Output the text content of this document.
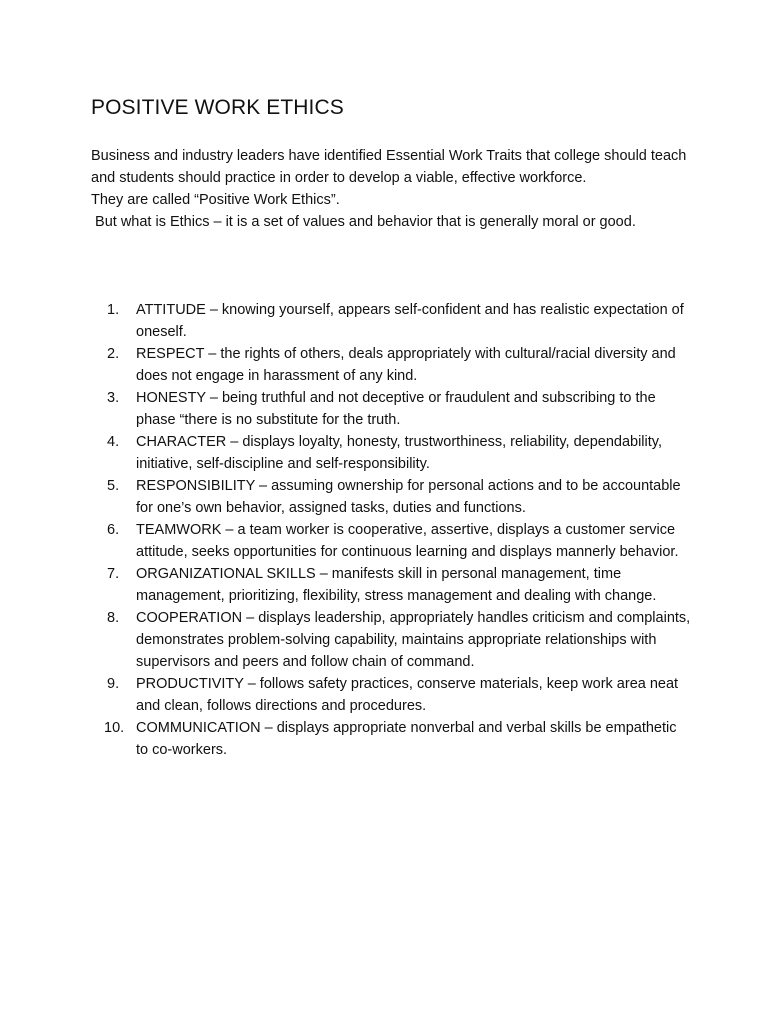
POSITIVE WORK ETHICS

Business and industry leaders have identified Essential Work Traits that college should teach and students should practice in order to develop a viable, effective workforce.

They are called “Positive Work Ethics”.

But what is Ethics – it is a set of values and behavior that is generally moral or good.

1. ATTITUDE – knowing yourself, appears self-confident and has realistic expectation of oneself.
2. RESPECT – the rights of others, deals appropriately with cultural/racial diversity and does not engage in harassment of any kind.
3. HONESTY – being truthful and not deceptive or fraudulent and subscribing to the phase “there is no substitute for the truth.
4. CHARACTER – displays loyalty, honesty, trustworthiness, reliability, dependability, initiative, self-discipline and self-responsibility.
5. RESPONSIBILITY – assuming ownership for personal actions and to be accountable for one’s own behavior, assigned tasks, duties and functions.
6. TEAMWORK – a team worker is cooperative, assertive, displays a customer service attitude, seeks opportunities for continuous learning and displays mannerly behavior.
7. ORGANIZATIONAL SKILLS – manifests skill in personal management, time management, prioritizing, flexibility, stress management and dealing with change.
8. COOPERATION – displays leadership, appropriately handles criticism and complaints, demonstrates problem-solving capability, maintains appropriate relationships with supervisors and peers and follow chain of command.
9. PRODUCTIVITY – follows safety practices, conserve materials, keep work area neat and clean, follows directions and procedures.
10. COMMUNICATION – displays appropriate nonverbal and verbal skills be empathetic to co-workers.
